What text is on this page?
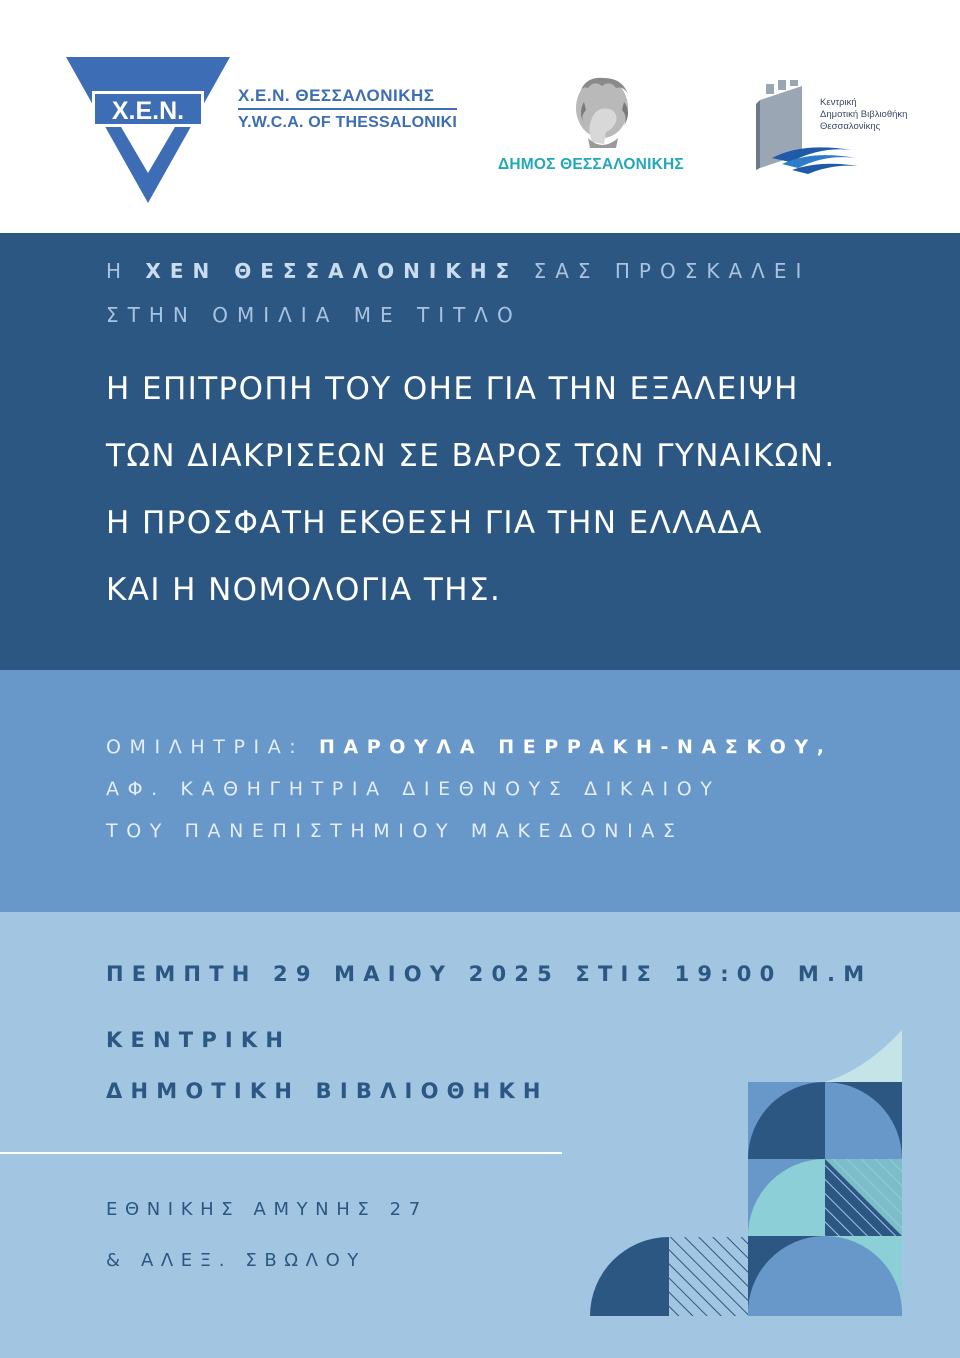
Χ.Ε.Ν.
Χ.Ε.Ν. ΘΕΣΣΑΛΟΝΙΚΗΣ
Y.W.C.A. OF THESSALONIKI
ΔΗΜΟΣ ΘΕΣΣΑΛΟΝΙΚΗΣ
Κεντρική
Δημοτική Βιβλιοθήκη
Θεσσαλονίκης
Η ΧΕΝ ΘΕΣΣΑΛΟΝΙΚΗΣ ΣΑΣ ΠΡΟΣΚΑΛΕΙ
ΣΤΗΝ ΟΜΙΛΙΑ ΜΕ ΤΙΤΛΟ
Η ΕΠΙΤΡΟΠΗ ΤΟΥ ΟΗΕ ΓΙΑ ΤΗΝ ΕΞΑΛΕΙΨΗ
ΤΩΝ ΔΙΑΚΡΙΣΕΩΝ ΣΕ ΒΑΡΟΣ ΤΩΝ ΓΥΝΑΙΚΩΝ.
Η ΠΡΟΣΦΑΤΗ ΕΚΘΕΣΗ ΓΙΑ ΤΗΝ ΕΛΛΑΔΑ
ΚΑΙ Η ΝΟΜΟΛΟΓΙΑ ΤΗΣ.
ΟΜΙΛΗΤΡΙΑ: ΠΑΡΟΥΛΑ ΠΕΡΡΑΚΗ-ΝΑΣΚΟΥ,
ΑΦ. ΚΑΘΗΓΗΤΡΙΑ ΔΙΕΘΝΟΥΣ ΔΙΚΑΙΟΥ
ΤΟΥ ΠΑΝΕΠΙΣΤΗΜΙΟΥ ΜΑΚΕΔΟΝΙΑΣ
ΠΕΜΠΤΗ 29 ΜΑΙΟΥ 2025 ΣΤΙΣ 19:00 Μ.Μ
ΚΕΝΤΡΙΚΗ
ΔΗΜΟΤΙΚΗ ΒΙΒΛΙΟΘΗΚΗ
ΕΘΝΙΚΗΣ ΑΜΥΝΗΣ 27
& ΑΛΕΞ. ΣΒΩΛΟΥ
